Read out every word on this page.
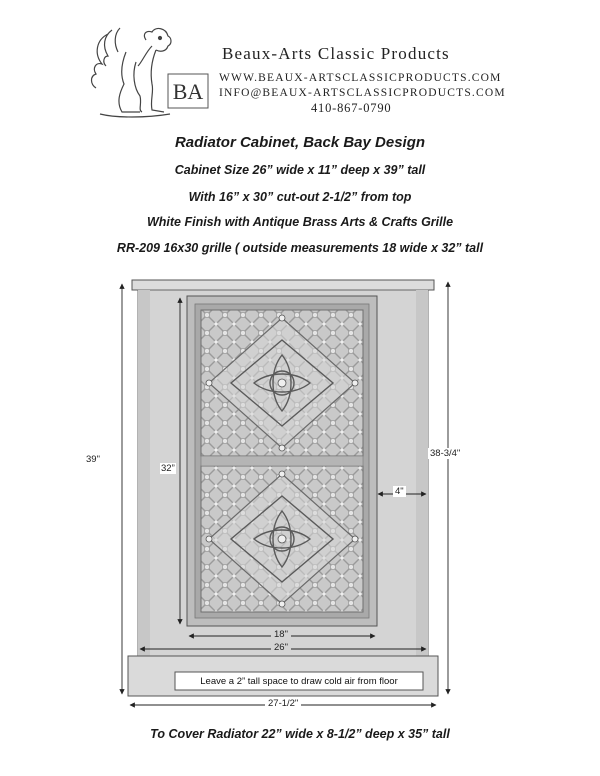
BA
Beaux-Arts Classic Products
WWW.BEAUX-ARTSCLASSICPRODUCTS.COM
INFO@BEAUX-ARTSCLASSICPRODUCTS.COM
410-867-0790
Radiator Cabinet, Back Bay Design
Cabinet Size 26” wide x 11” deep x 39” tall
With 16” x 30” cut-out 2-1/2” from top
White Finish with Antique Brass Arts & Crafts Grille
RR-209 16x30 grille ( outside measurements 18 wide x 32” tall
39"
32”
38-3/4"
4"
18"
26"
27-1/2"
Leave a 2” tall space to draw cold air from floor
To Cover Radiator 22” wide x 8-1/2” deep x 35” tall
